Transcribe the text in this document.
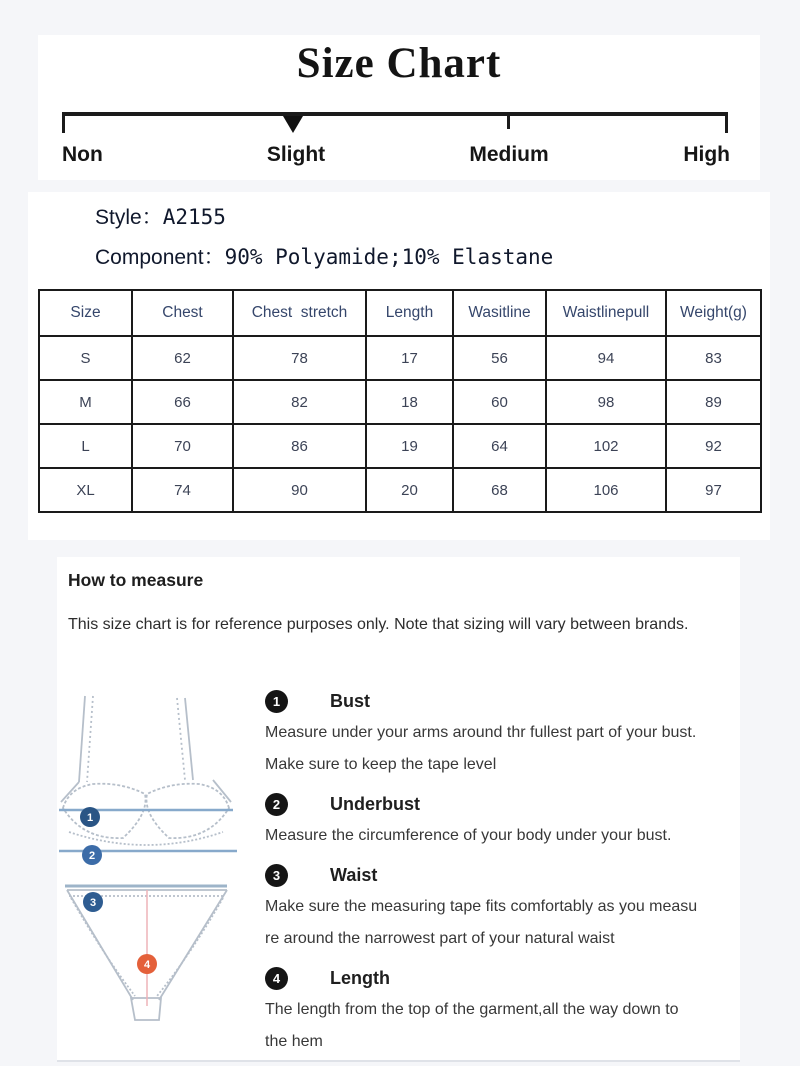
Size Chart
Non	Slight	Medium	High
Style：A2155
Component：90% Polyamide;10% Elastane
Size	Chest	Chest  stretch	Length	Wasitline	Waistlinepull	Weight(g)
S	62	78	17	56	94	83
M	66	82	18	60	98	89
L	70	86	19	64	102	92
XL	74	90	20	68	106	97
How to measure

This size chart is for reference purposes only. Note that sizing will vary between brands.

1
2
3
4
1	Bust
Measure under your arms around thr fullest part of your bust.
Make sure to keep the tape level
2	Underbust
Measure the circumference of your body under your bust.
3	Waist
Make sure the measuring tape fits comfortably as you measu
re around the narrowest part of your natural waist
4	Length
The length from the top of the garment,all the way down to
the hem
